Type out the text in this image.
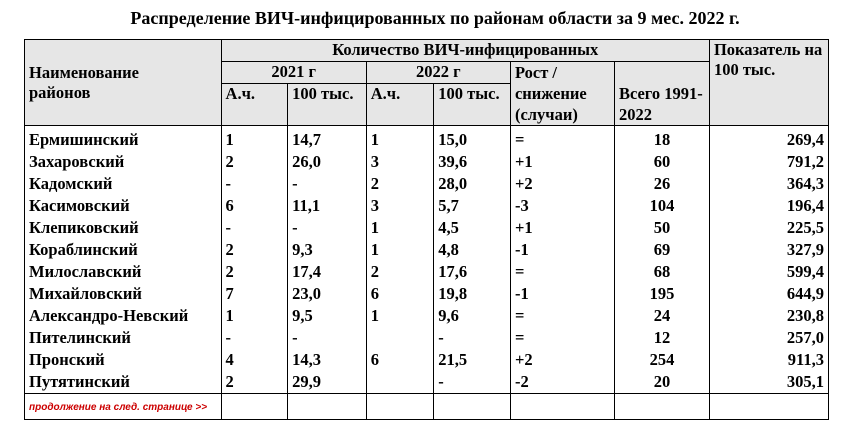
Распределение ВИЧ-инфицированных по районам области за 9 мес. 2022 г.
Наименование районов	Количество ВИЧ-инфицированных						Показатель на 100 тыс.

	2021 г		2022 г		Рост / снижение (случаи)	Всего 1991-2022	

	А.ч.	100 тыс.	А.ч.	100 тыс.			
Ермишинский	1	14,7	1	15,0	=	18	269,4
Захаровский	2	26,0	3	39,6	+1	60	791,2
Кадомский	-	-	2	28,0	+2	26	364,3
Касимовский	6	11,1	3	5,7	-3	104	196,4
Клепиковский	-	-	1	4,5	+1	50	225,5
Кораблинский	2	9,3	1	4,8	-1	69	327,9
Милославский	2	17,4	2	17,6	=	68	599,4
Михайловский	7	23,0	6	19,8	-1	195	644,9
Александро-Невский	1	9,5	1	9,6	=	24	230,8
Пителинский	-	-		-	=	12	257,0
Пронский	4	14,3	6	21,5	+2	254	911,3
Путятинский	2	29,9		-	-2	20	305,1
продолжение на след. странице >>							
